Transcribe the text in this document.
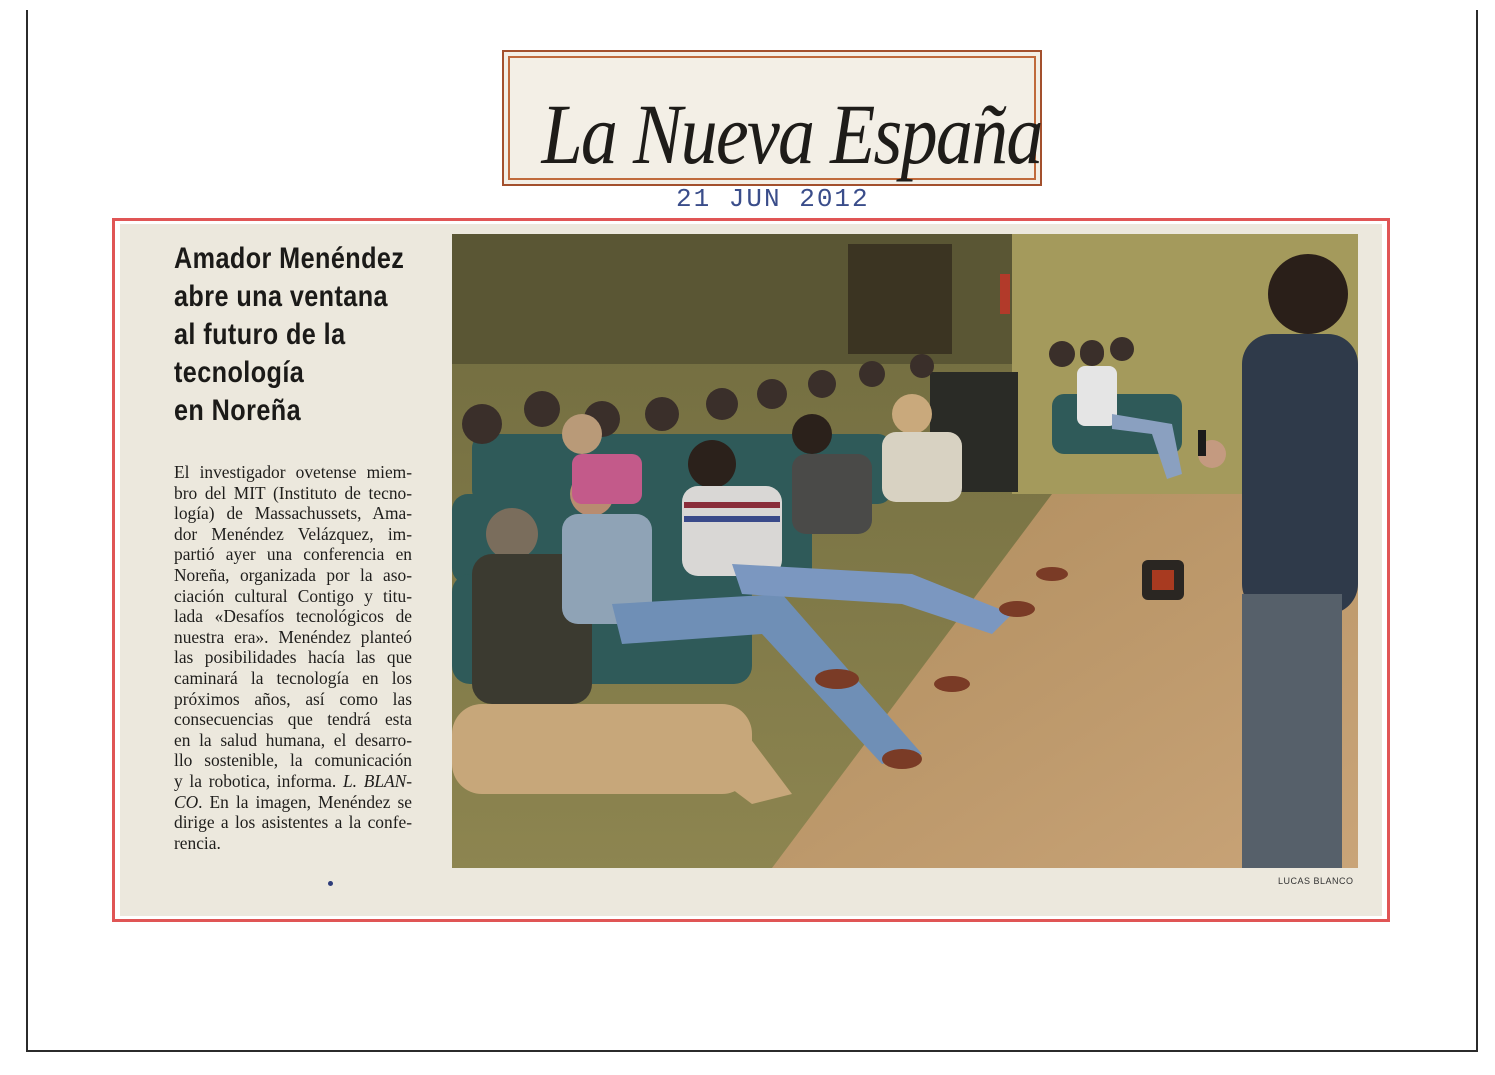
La Nueva España
21 JUN 2012
Amador Menéndez
abre una ventana
al futuro de la
tecnología
en Noreña
El investigador ovetense miem-
bro del MIT (Instituto de tecno-
logía) de Massachussets, Ama-
dor Menéndez Velázquez, im-
partió ayer una conferencia en
Noreña, organizada por la aso-
ciación cultural Contigo y titu-
lada «Desafíos tecnológicos de
nuestra era». Menéndez planteó
las posibilidades hacía las que
caminará la tecnología en los
próximos años, así como las
consecuencias que tendrá esta
en la salud humana, el desarro-
llo sostenible, la comunicación
y la robotica, informa. L. BLAN-
CO. En la imagen, Menéndez se
dirige a los asistentes a la confe-
rencia.
LUCAS BLANCO
